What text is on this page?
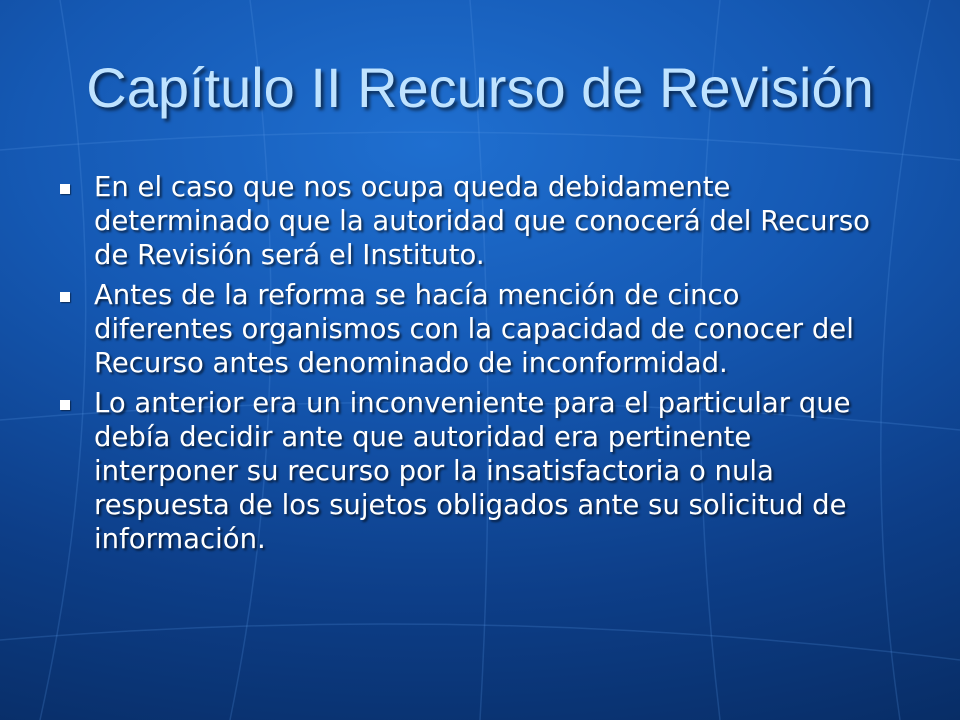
Capítulo II Recurso de Revisión
En el caso que nos ocupa queda debidamente determinado que la autoridad que conocerá del Recurso de Revisión será el Instituto.
Antes de la reforma se hacía mención de cinco diferentes organismos con la capacidad de conocer del Recurso antes denominado de inconformidad.
Lo anterior era un inconveniente para el particular que debía decidir ante que autoridad era pertinente interponer su recurso por la insatisfactoria o nula respuesta de los sujetos obligados ante su solicitud de información.
